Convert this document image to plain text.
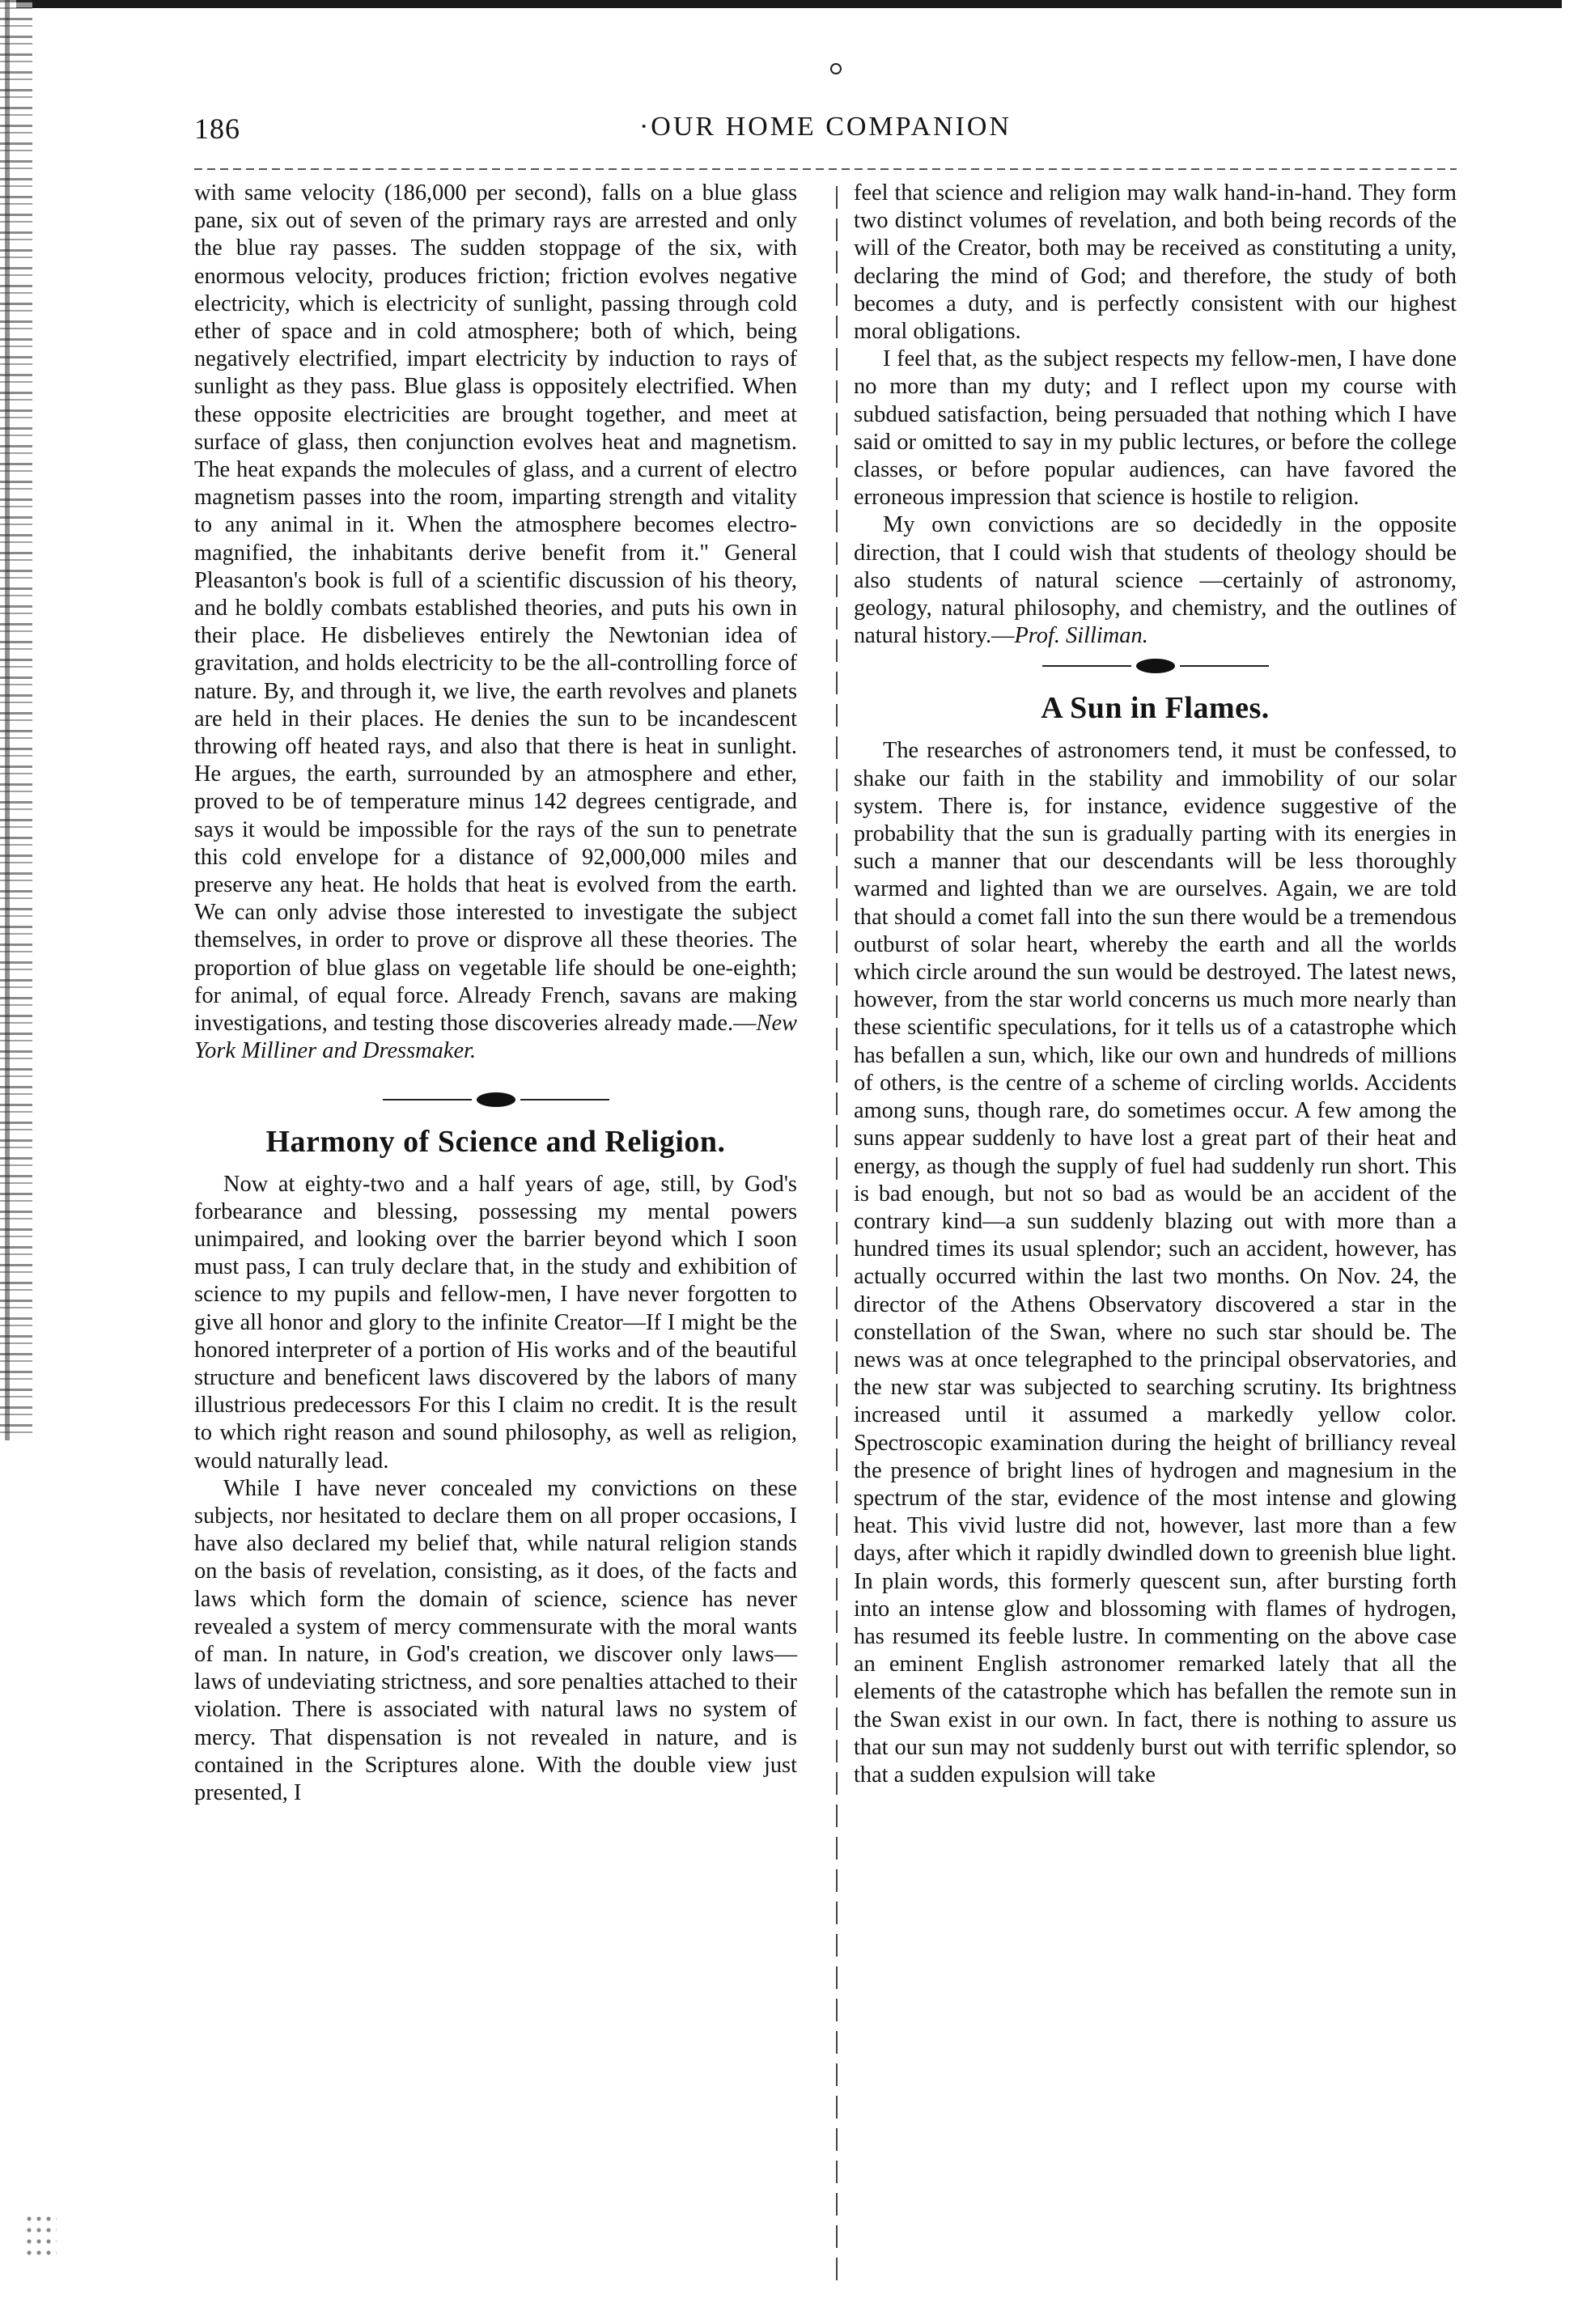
186	·OUR HOME COMPANION

with same velocity (186,000 per second), falls on a blue glass pane, six out of seven of the primary rays are arrested and only the blue ray passes. The sudden stoppage of the six, with enormous velocity, produces friction; friction evolves negative electricity, which is electricity of sunlight, passing through cold ether of space and in cold atmosphere; both of which, being negatively electrified, impart electricity by induction to rays of sunlight as they pass. Blue glass is oppositely electrified. When these opposite electricities are brought together, and meet at surface of glass, then conjunction evolves heat and magnetism. The heat expands the molecules of glass, and a current of electro magnetism passes into the room, imparting strength and vitality to any animal in it. When the atmosphere becomes electro-magnified, the inhabitants derive benefit from it." General Pleasanton's book is full of a scientific discussion of his theory, and he boldly combats established theories, and puts his own in their place. He disbelieves entirely the Newtonian idea of gravitation, and holds electricity to be the all-controlling force of nature. By, and through it, we live, the earth revolves and planets are held in their places. He denies the sun to be incandescent throwing off heated rays, and also that there is heat in sunlight. He argues, the earth, surrounded by an atmosphere and ether, proved to be of temperature minus 142 degrees centigrade, and says it would be impossible for the rays of the sun to penetrate this cold envelope for a distance of 92,000,000 miles and preserve any heat. He holds that heat is evolved from the earth. We can only advise those interested to investigate the subject themselves, in order to prove or disprove all these theories. The proportion of blue glass on vegetable life should be one-eighth; for animal, of equal force. Already French, savans are making investigations, and testing those discoveries already made.—New York Milliner and Dressmaker.

Harmony of Science and Religion.

Now at eighty-two and a half years of age, still, by God's forbearance and blessing, possessing my mental powers unimpaired, and looking over the barrier beyond which I soon must pass, I can truly declare that, in the study and exhibition of science to my pupils and fellow-men, I have never forgotten to give all honor and glory to the infinite Creator—If I might be the honored interpreter of a portion of His works and of the beautiful structure and beneficent laws discovered by the labors of many illustrious predecessors For this I claim no credit. It is the result to which right reason and sound philosophy, as well as religion, would naturally lead.

While I have never concealed my convictions on these subjects, nor hesitated to declare them on all proper occasions, I have also declared my belief that, while natural religion stands on the basis of revelation, consisting, as it does, of the facts and laws which form the domain of science, science has never revealed a system of mercy commensurate with the moral wants of man. In nature, in God's creation, we discover only laws—laws of undeviating strictness, and sore penalties attached to their violation. There is associated with natural laws no system of mercy. That dispensation is not revealed in nature, and is contained in the Scriptures alone. With the double view just presented, I

feel that science and religion may walk hand-in-hand. They form two distinct volumes of revelation, and both being records of the will of the Creator, both may be received as constituting a unity, declaring the mind of God; and therefore, the study of both becomes a duty, and is perfectly consistent with our highest moral obligations.

I feel that, as the subject respects my fellow-men, I have done no more than my duty; and I reflect upon my course with subdued satisfaction, being persuaded that nothing which I have said or omitted to say in my public lectures, or before the college classes, or before popular audiences, can have favored the erroneous impression that science is hostile to religion.

My own convictions are so decidedly in the opposite direction, that I could wish that students of theology should be also students of natural science —certainly of astronomy, geology, natural philosophy, and chemistry, and the outlines of natural history.—Prof. Silliman.

A Sun in Flames.

The researches of astronomers tend, it must be confessed, to shake our faith in the stability and immobility of our solar system. There is, for instance, evidence suggestive of the probability that the sun is gradually parting with its energies in such a manner that our descendants will be less thoroughly warmed and lighted than we are ourselves. Again, we are told that should a comet fall into the sun there would be a tremendous outburst of solar heart, whereby the earth and all the worlds which circle around the sun would be destroyed. The latest news, however, from the star world concerns us much more nearly than these scientific speculations, for it tells us of a catastrophe which has befallen a sun, which, like our own and hundreds of millions of others, is the centre of a scheme of circling worlds. Accidents among suns, though rare, do sometimes occur. A few among the suns appear suddenly to have lost a great part of their heat and energy, as though the supply of fuel had suddenly run short. This is bad enough, but not so bad as would be an accident of the contrary kind—a sun suddenly blazing out with more than a hundred times its usual splendor; such an accident, however, has actually occurred within the last two months. On Nov. 24, the director of the Athens Observatory discovered a star in the constellation of the Swan, where no such star should be. The news was at once telegraphed to the principal observatories, and the new star was subjected to searching scrutiny. Its brightness increased until it assumed a markedly yellow color. Spectroscopic examination during the height of brilliancy reveal the presence of bright lines of hydrogen and magnesium in the spectrum of the star, evidence of the most intense and glowing heat. This vivid lustre did not, however, last more than a few days, after which it rapidly dwindled down to greenish blue light. In plain words, this formerly quescent sun, after bursting forth into an intense glow and blossoming with flames of hydrogen, has resumed its feeble lustre. In commenting on the above case an eminent English astronomer remarked lately that all the elements of the catastrophe which has befallen the remote sun in the Swan exist in our own. In fact, there is nothing to assure us that our sun may not suddenly burst out with terrific splendor, so that a sudden expulsion will take
